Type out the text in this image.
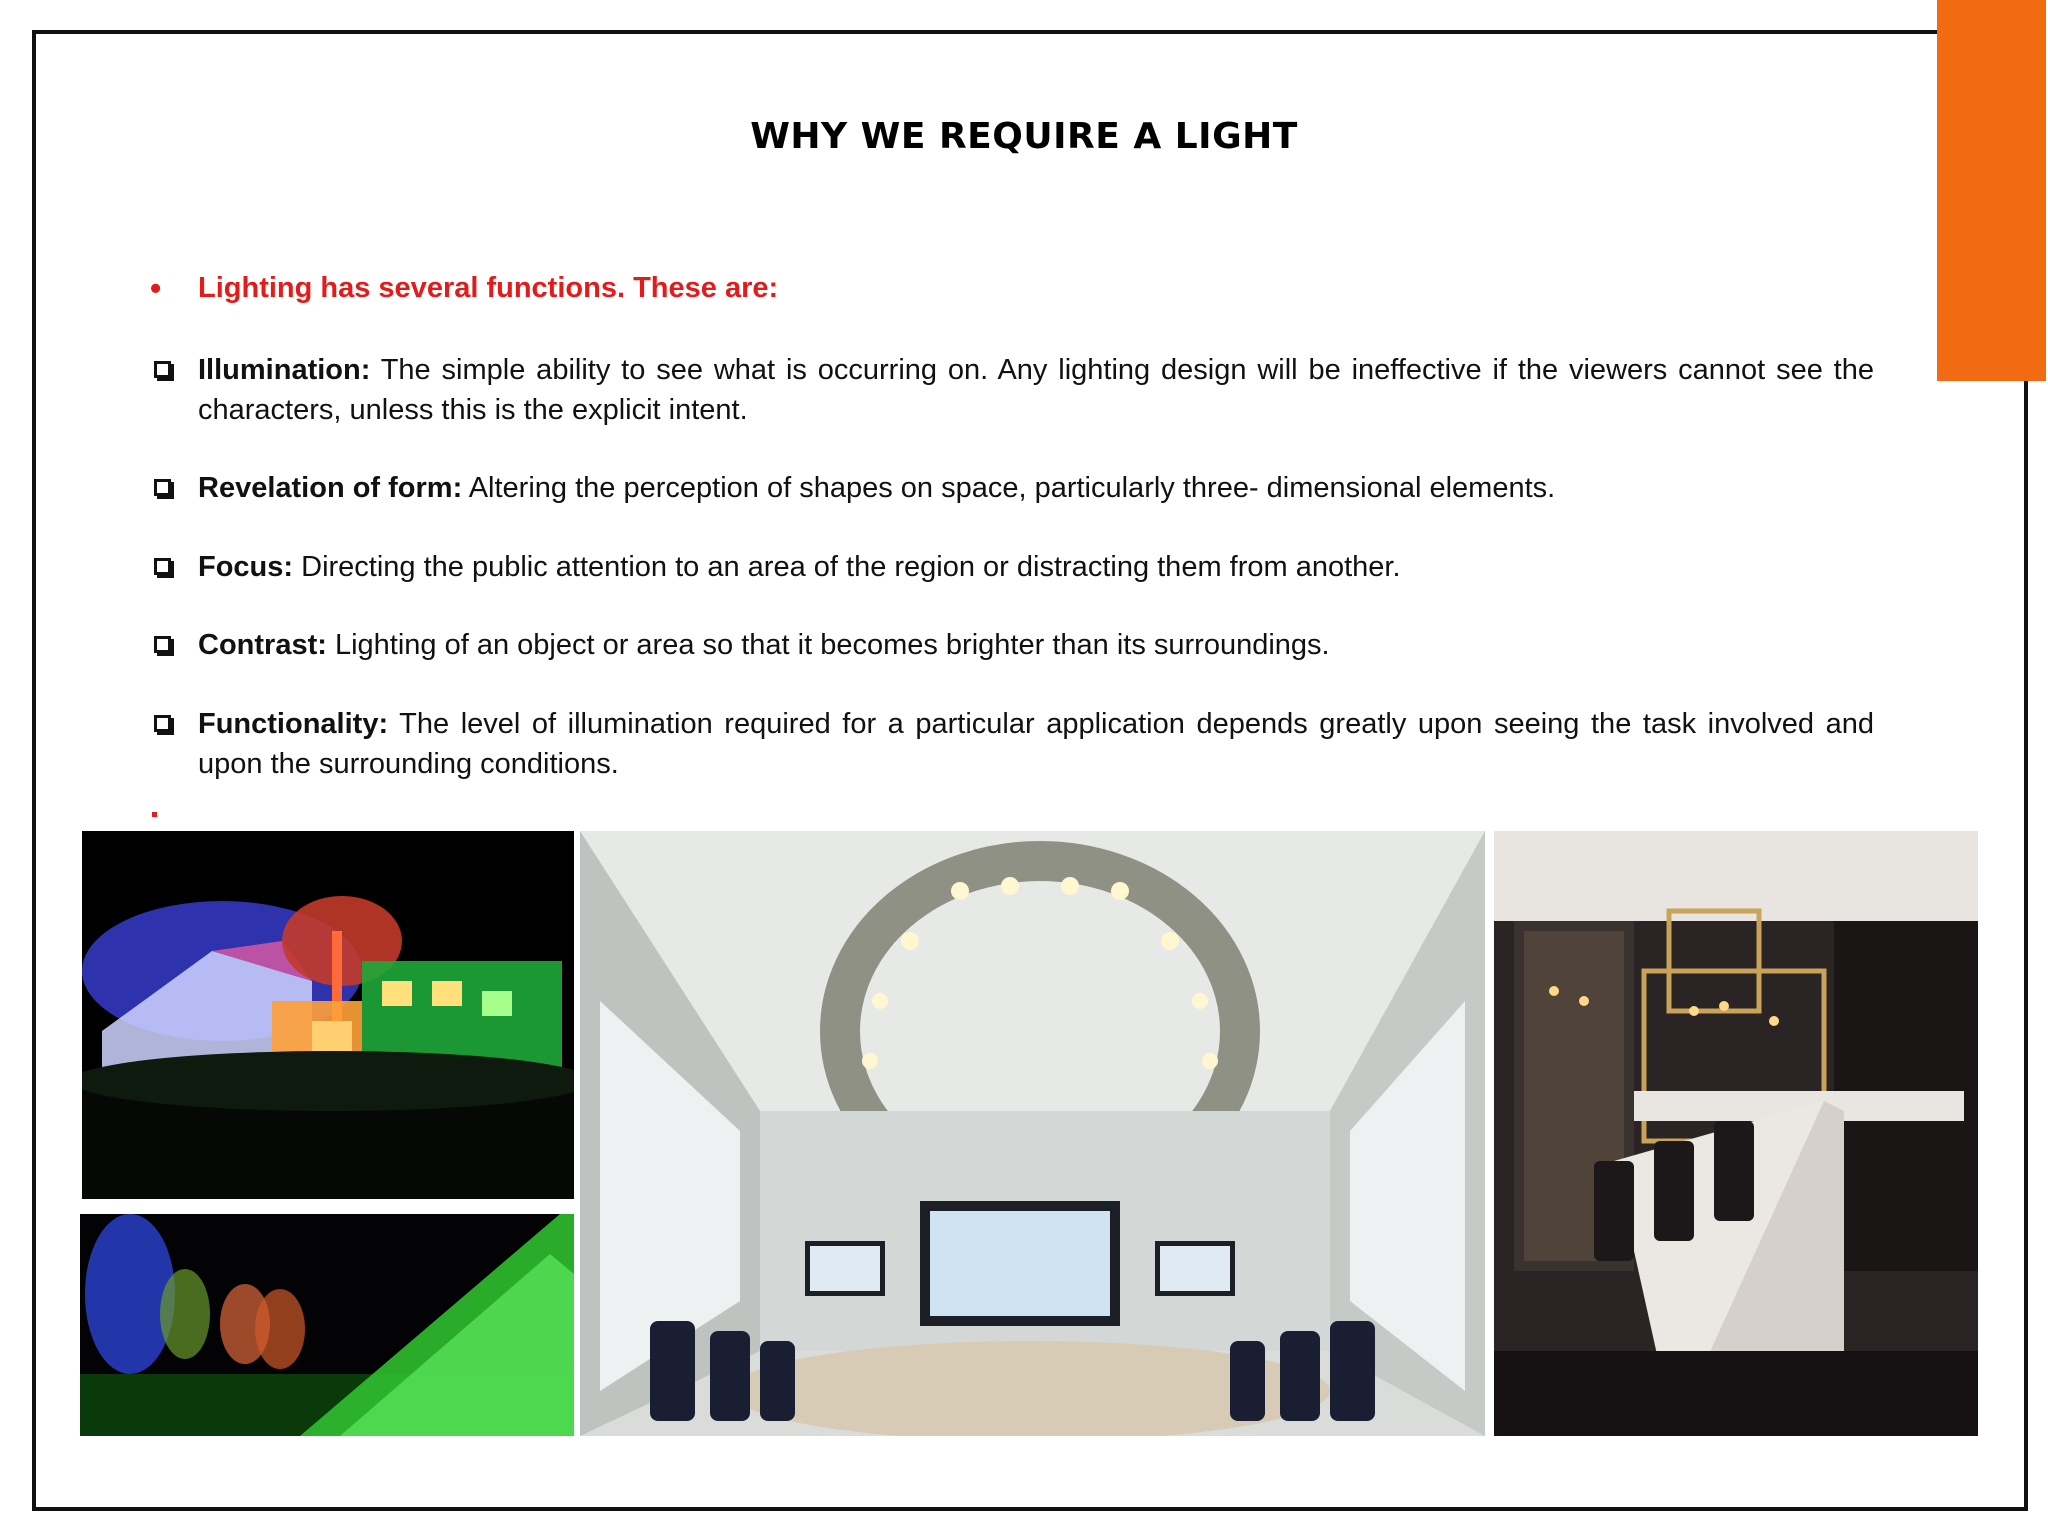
WHY WE REQUIRE A LIGHT
• Lighting has several functions. These are:
Illumination: The simple ability to see what is occurring on. Any lighting design will be ineffective if the viewers cannot see the characters, unless this is the explicit intent.
Revelation of form: Altering the perception of shapes on space, particularly three- dimensional elements.
Focus: Directing the public attention to an area of the region or distracting them from another.
Contrast: Lighting of an object or area so that it becomes brighter than its surroundings.
Functionality: The level of illumination required for a particular application depends greatly upon seeing the task involved and upon the surrounding conditions.
